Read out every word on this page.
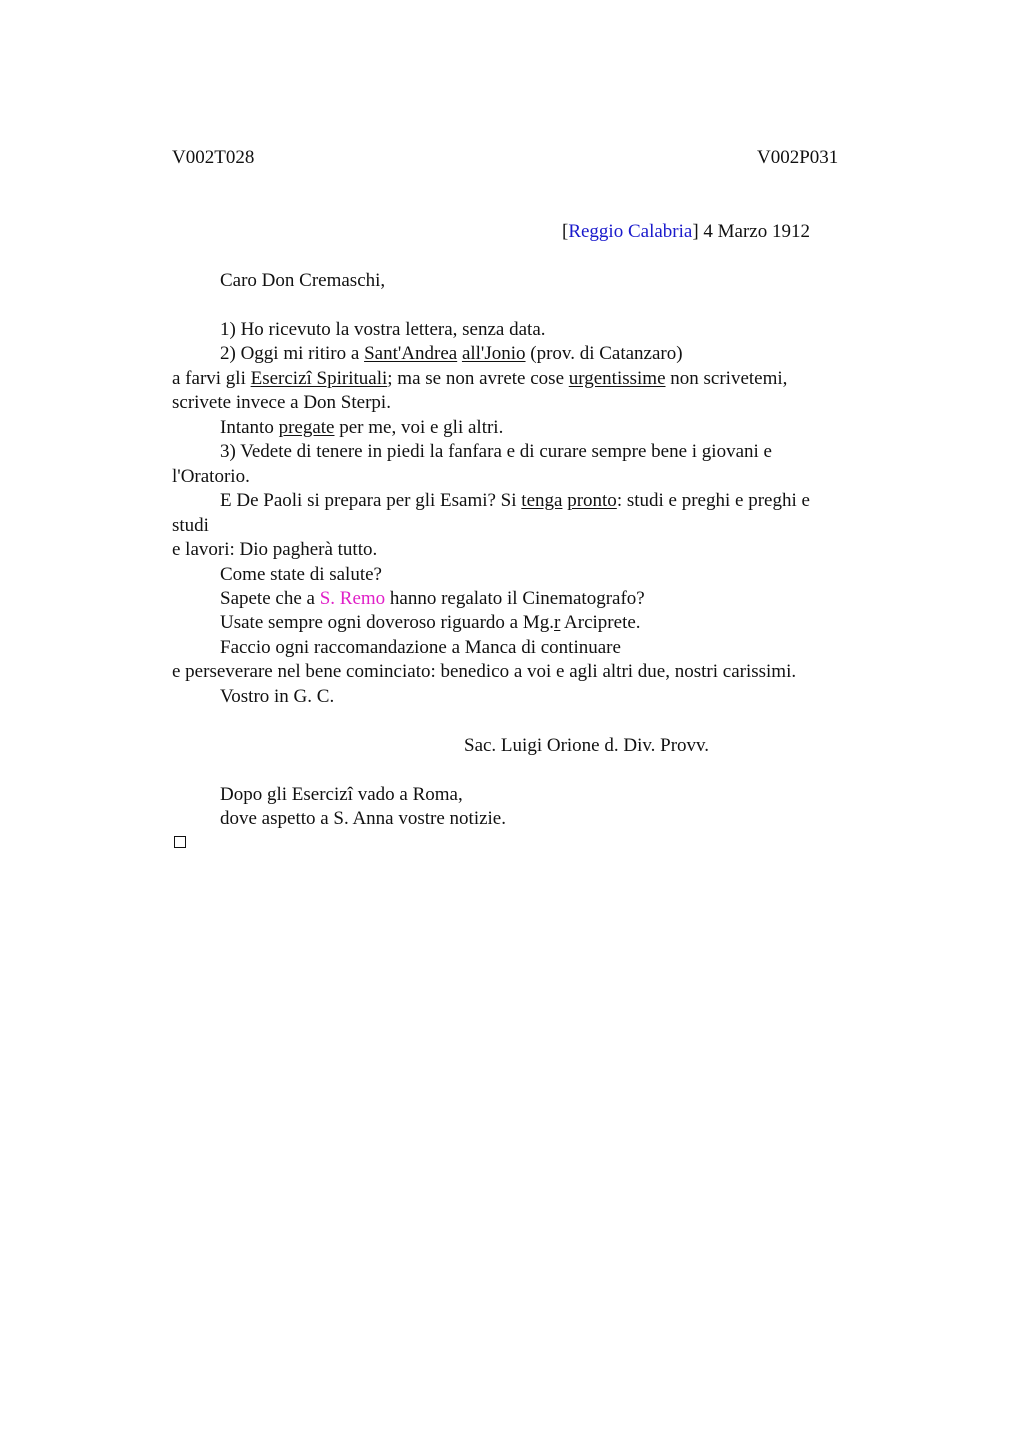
V002T028	V002P031
[Reggio Calabria] 4 Marzo 1912
Caro Don Cremaschi,
1) Ho ricevuto la vostra lettera, senza data.
2) Oggi mi ritiro a Sant'Andrea all'Jonio (prov. di Catanzaro)
a farvi gli Esercizî Spirituali; ma se non avrete cose urgentissime non scrivetemi,
scrivete invece a Don Sterpi.
Intanto pregate per me, voi e gli altri.
3) Vedete di tenere in piedi la fanfara e di curare sempre bene i giovani e
l'Oratorio.
E De Paoli si prepara per gli Esami? Si tenga pronto: studi e preghi e preghi e
studi
e lavori: Dio pagherà tutto.
Come state di salute?
Sapete che a S. Remo hanno regalato il Cinematografo?
Usate sempre ogni doveroso riguardo a Mg.r Arciprete.
Faccio ogni raccomandazione a Manca di continuare
e perseverare nel bene cominciato: benedico a voi e agli altri due, nostri carissimi.
Vostro in G. C.
Sac. Luigi Orione d. Div. Provv.
Dopo gli Esercizi vado a Roma,
dove aspetto a S. Anna vostre notizie.
